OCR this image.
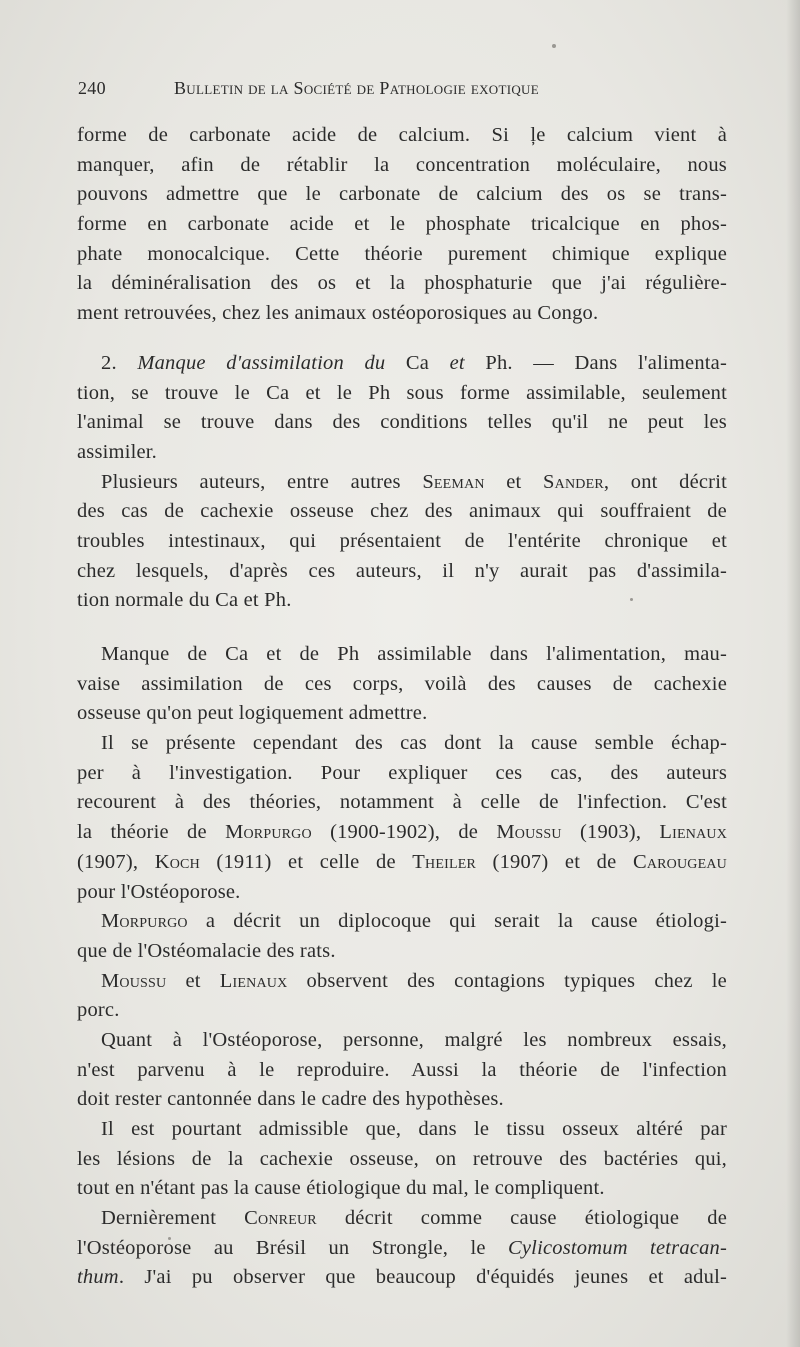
240	Bulletin de la Société de Pathologie exotique
forme de carbonate acide de calcium. Si ļe calcium vient à
manquer, afin de rétablir la concentration moléculaire, nous
pouvons admettre que le carbonate de calcium des os se trans-
forme en carbonate acide et le phosphate tricalcique en phos-
phate monocalcique. Cette théorie purement chimique explique
la déminéralisation des os et la phosphaturie que j'ai régulière-
ment retrouvées, chez les animaux ostéoporosiques au Congo.
2. Manque d'assimilation du Ca et Ph. — Dans l'alimenta-
tion, se trouve le Ca et le Ph sous forme assimilable, seulement
l'animal se trouve dans des conditions telles qu'il ne peut les
assimiler.
Plusieurs auteurs, entre autres Seeman et Sander, ont décrit
des cas de cachexie osseuse chez des animaux qui souffraient de
troubles intestinaux, qui présentaient de l'entérite chronique et
chez lesquels, d'après ces auteurs, il n'y aurait pas d'assimila-
tion normale du Ca et Ph.
Manque de Ca et de Ph assimilable dans l'alimentation, mau-
vaise assimilation de ces corps, voilà des causes de cachexie
osseuse qu'on peut logiquement admettre.
Il se présente cependant des cas dont la cause semble échap-
per à l'investigation. Pour expliquer ces cas, des auteurs
recourent à des théories, notamment à celle de l'infection. C'est
la théorie de Morpurgo (1900-1902), de Moussu (1903), Lienaux
(1907), Koch (1911) et celle de Theiler (1907) et de Carougeau
pour l'Ostéoporose.
Morpurgo a décrit un diplocoque qui serait la cause étiologi-
que de l'Ostéomalacie des rats.
Moussu et Lienaux observent des contagions typiques chez le
porc.
Quant à l'Ostéoporose, personne, malgré les nombreux essais,
n'est parvenu à le reproduire. Aussi la théorie de l'infection
doit rester cantonnée dans le cadre des hypothèses.
Il est pourtant admissible que, dans le tissu osseux altéré par
les lésions de la cachexie osseuse, on retrouve des bactéries qui,
tout en n'étant pas la cause étiologique du mal, le compliquent.
Dernièrement Conreur décrit comme cause étiologique de
l'Ostéoporose au Brésil un Strongle, le Cylicostomum tetracan-
thum. J'ai pu observer que beaucoup d'équidés jeunes et adul-
